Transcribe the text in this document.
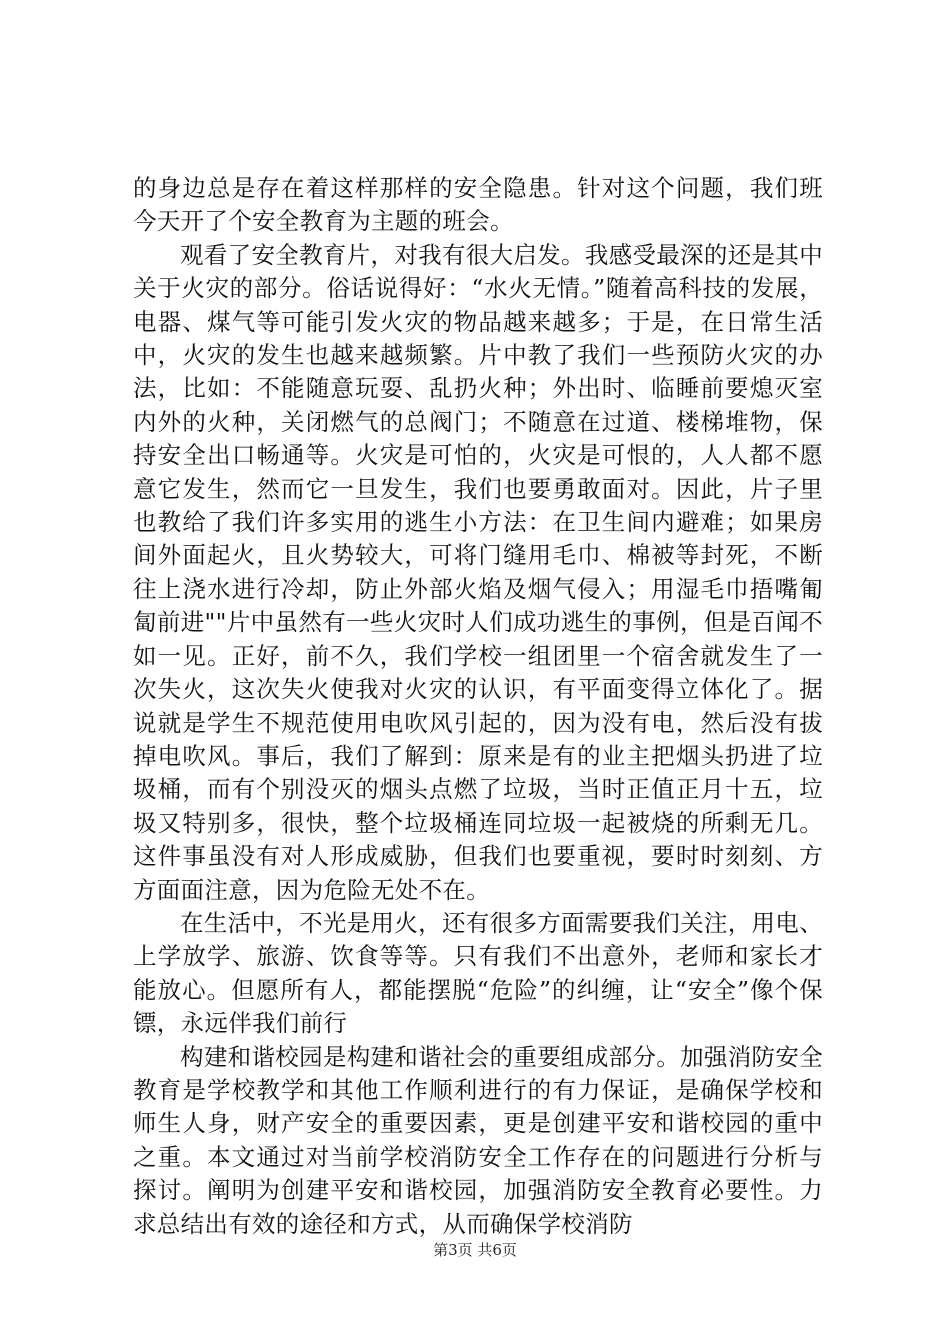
的身边总是存在着这样那样的安全隐患。针对这个问题，我们班今天开了个安全教育为主题的班会。

观看了安全教育片，对我有很大启发。我感受最深的还是其中关于火灾的部分。俗话说得好：“水火无情。”随着高科技的发展，电器、煤气等可能引发火灾的物品越来越多；于是，在日常生活中，火灾的发生也越来越频繁。片中教了我们一些预防火灾的办法，比如：不能随意玩耍、乱扔火种；外出时、临睡前要熄灭室内外的火种，关闭燃气的总阀门；不随意在过道、楼梯堆物，保持安全出口畅通等。火灾是可怕的，火灾是可恨的，人人都不愿意它发生，然而它一旦发生，我们也要勇敢面对。因此，片子里也教给了我们许多实用的逃生小方法：在卫生间内避难；如果房间外面起火，且火势较大，可将门缝用毛巾、棉被等封死，不断往上浇水进行冷却，防止外部火焰及烟气侵入；用湿毛巾捂嘴匍匐前进""片中虽然有一些火灾时人们成功逃生的事例，但是百闻不如一见。正好，前不久，我们学校一组团里一个宿舍就发生了一次失火，这次失火使我对火灾的认识，有平面变得立体化了。据说就是学生不规范使用电吹风引起的，因为没有电，然后没有拔掉电吹风。事后，我们了解到：原来是有的业主把烟头扔进了垃圾桶，而有个别没灭的烟头点燃了垃圾，当时正值正月十五，垃圾又特别多，很快，整个垃圾桶连同垃圾一起被烧的所剩无几。这件事虽没有对人形成威胁，但我们也要重视，要时时刻刻、方方面面注意，因为危险无处不在。

在生活中，不光是用火，还有很多方面需要我们关注，用电、上学放学、旅游、饮食等等。只有我们不出意外，老师和家长才能放心。但愿所有人，都能摆脱“危险”的纠缠，让“安全”像个保镖，永远伴我们前行

构建和谐校园是构建和谐社会的重要组成部分。加强消防安全教育是学校教学和其他工作顺利进行的有力保证，是确保学校和师生人身，财产安全的重要因素，更是创建平安和谐校园的重中之重。本文通过对当前学校消防安全工作存在的问题进行分析与探讨。阐明为创建平安和谐校园，加强消防安全教育必要性。力求总结出有效的途径和方式，从而确保学校消防

第3页 共6页
